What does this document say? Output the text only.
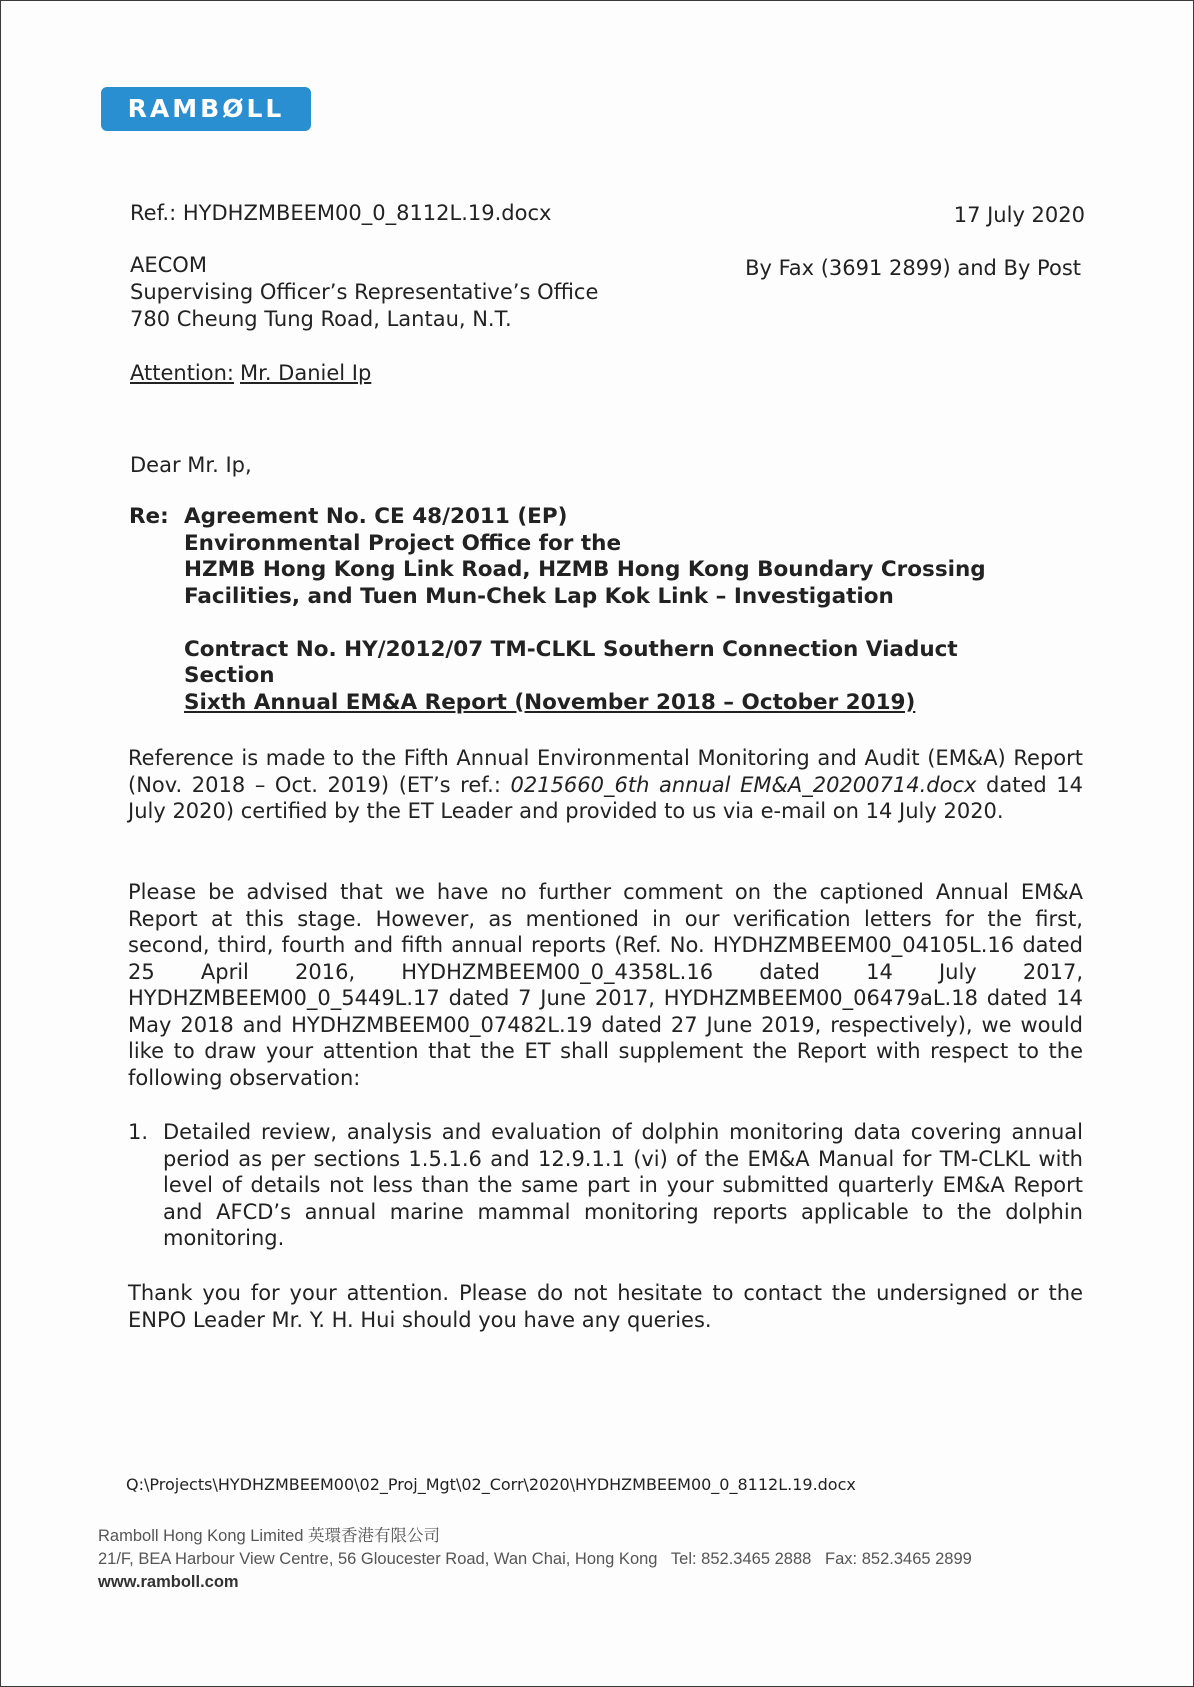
RAMBØLL
Ref.: HYDHZMBEEM00_0_8112L.19.docx	17 July 2020
AECOM
Supervising Officer’s Representative’s Office
780 Cheung Tung Road, Lantau, N.T.
By Fax (3691 2899) and By Post
Attention: Mr. Daniel Ip
Dear Mr. Ip,
Re: Agreement No. CE 48/2011 (EP)
Environmental Project Office for the
HZMB Hong Kong Link Road, HZMB Hong Kong Boundary Crossing
Facilities, and Tuen Mun-Chek Lap Kok Link – Investigation
Contract No. HY/2012/07 TM-CLKL Southern Connection Viaduct
Section
Sixth Annual EM&A Report (November 2018 – October 2019)
Reference is made to the Fifth Annual Environmental Monitoring and Audit (EM&A) Report (Nov. 2018 – Oct. 2019) (ET’s ref.: 0215660_6th annual EM&A_20200714.docx dated 14 July 2020) certified by the ET Leader and provided to us via e-mail on 14 July 2020.
Please be advised that we have no further comment on the captioned Annual EM&A Report at this stage. However, as mentioned in our verification letters for the first, second, third, fourth and fifth annual reports (Ref. No. HYDHZMBEEM00_04105L.16 dated 25 April 2016, HYDHZMBEEM00_0_4358L.16 dated 14 July 2017, HYDHZMBEEM00_0_5449L.17 dated 7 June 2017, HYDHZMBEEM00_06479aL.18 dated 14 May 2018 and HYDHZMBEEM00_07482L.19 dated 27 June 2019, respectively), we would like to draw your attention that the ET shall supplement the Report with respect to the following observation:
1. Detailed review, analysis and evaluation of dolphin monitoring data covering annual period as per sections 1.5.1.6 and 12.9.1.1 (vi) of the EM&A Manual for TM-CLKL with level of details not less than the same part in your submitted quarterly EM&A Report and AFCD’s annual marine mammal monitoring reports applicable to the dolphin monitoring.
Thank you for your attention. Please do not hesitate to contact the undersigned or the ENPO Leader Mr. Y. H. Hui should you have any queries.
Q:\Projects\HYDHZMBEEM00\02_Proj_Mgt\02_Corr\2020\HYDHZMBEEM00_0_8112L.19.docx
Ramboll Hong Kong Limited 英環香港有限公司
21/F, BEA Harbour View Centre, 56 Gloucester Road, Wan Chai, Hong Kong   Tel: 852.3465 2888   Fax: 852.3465 2899
www.ramboll.com
